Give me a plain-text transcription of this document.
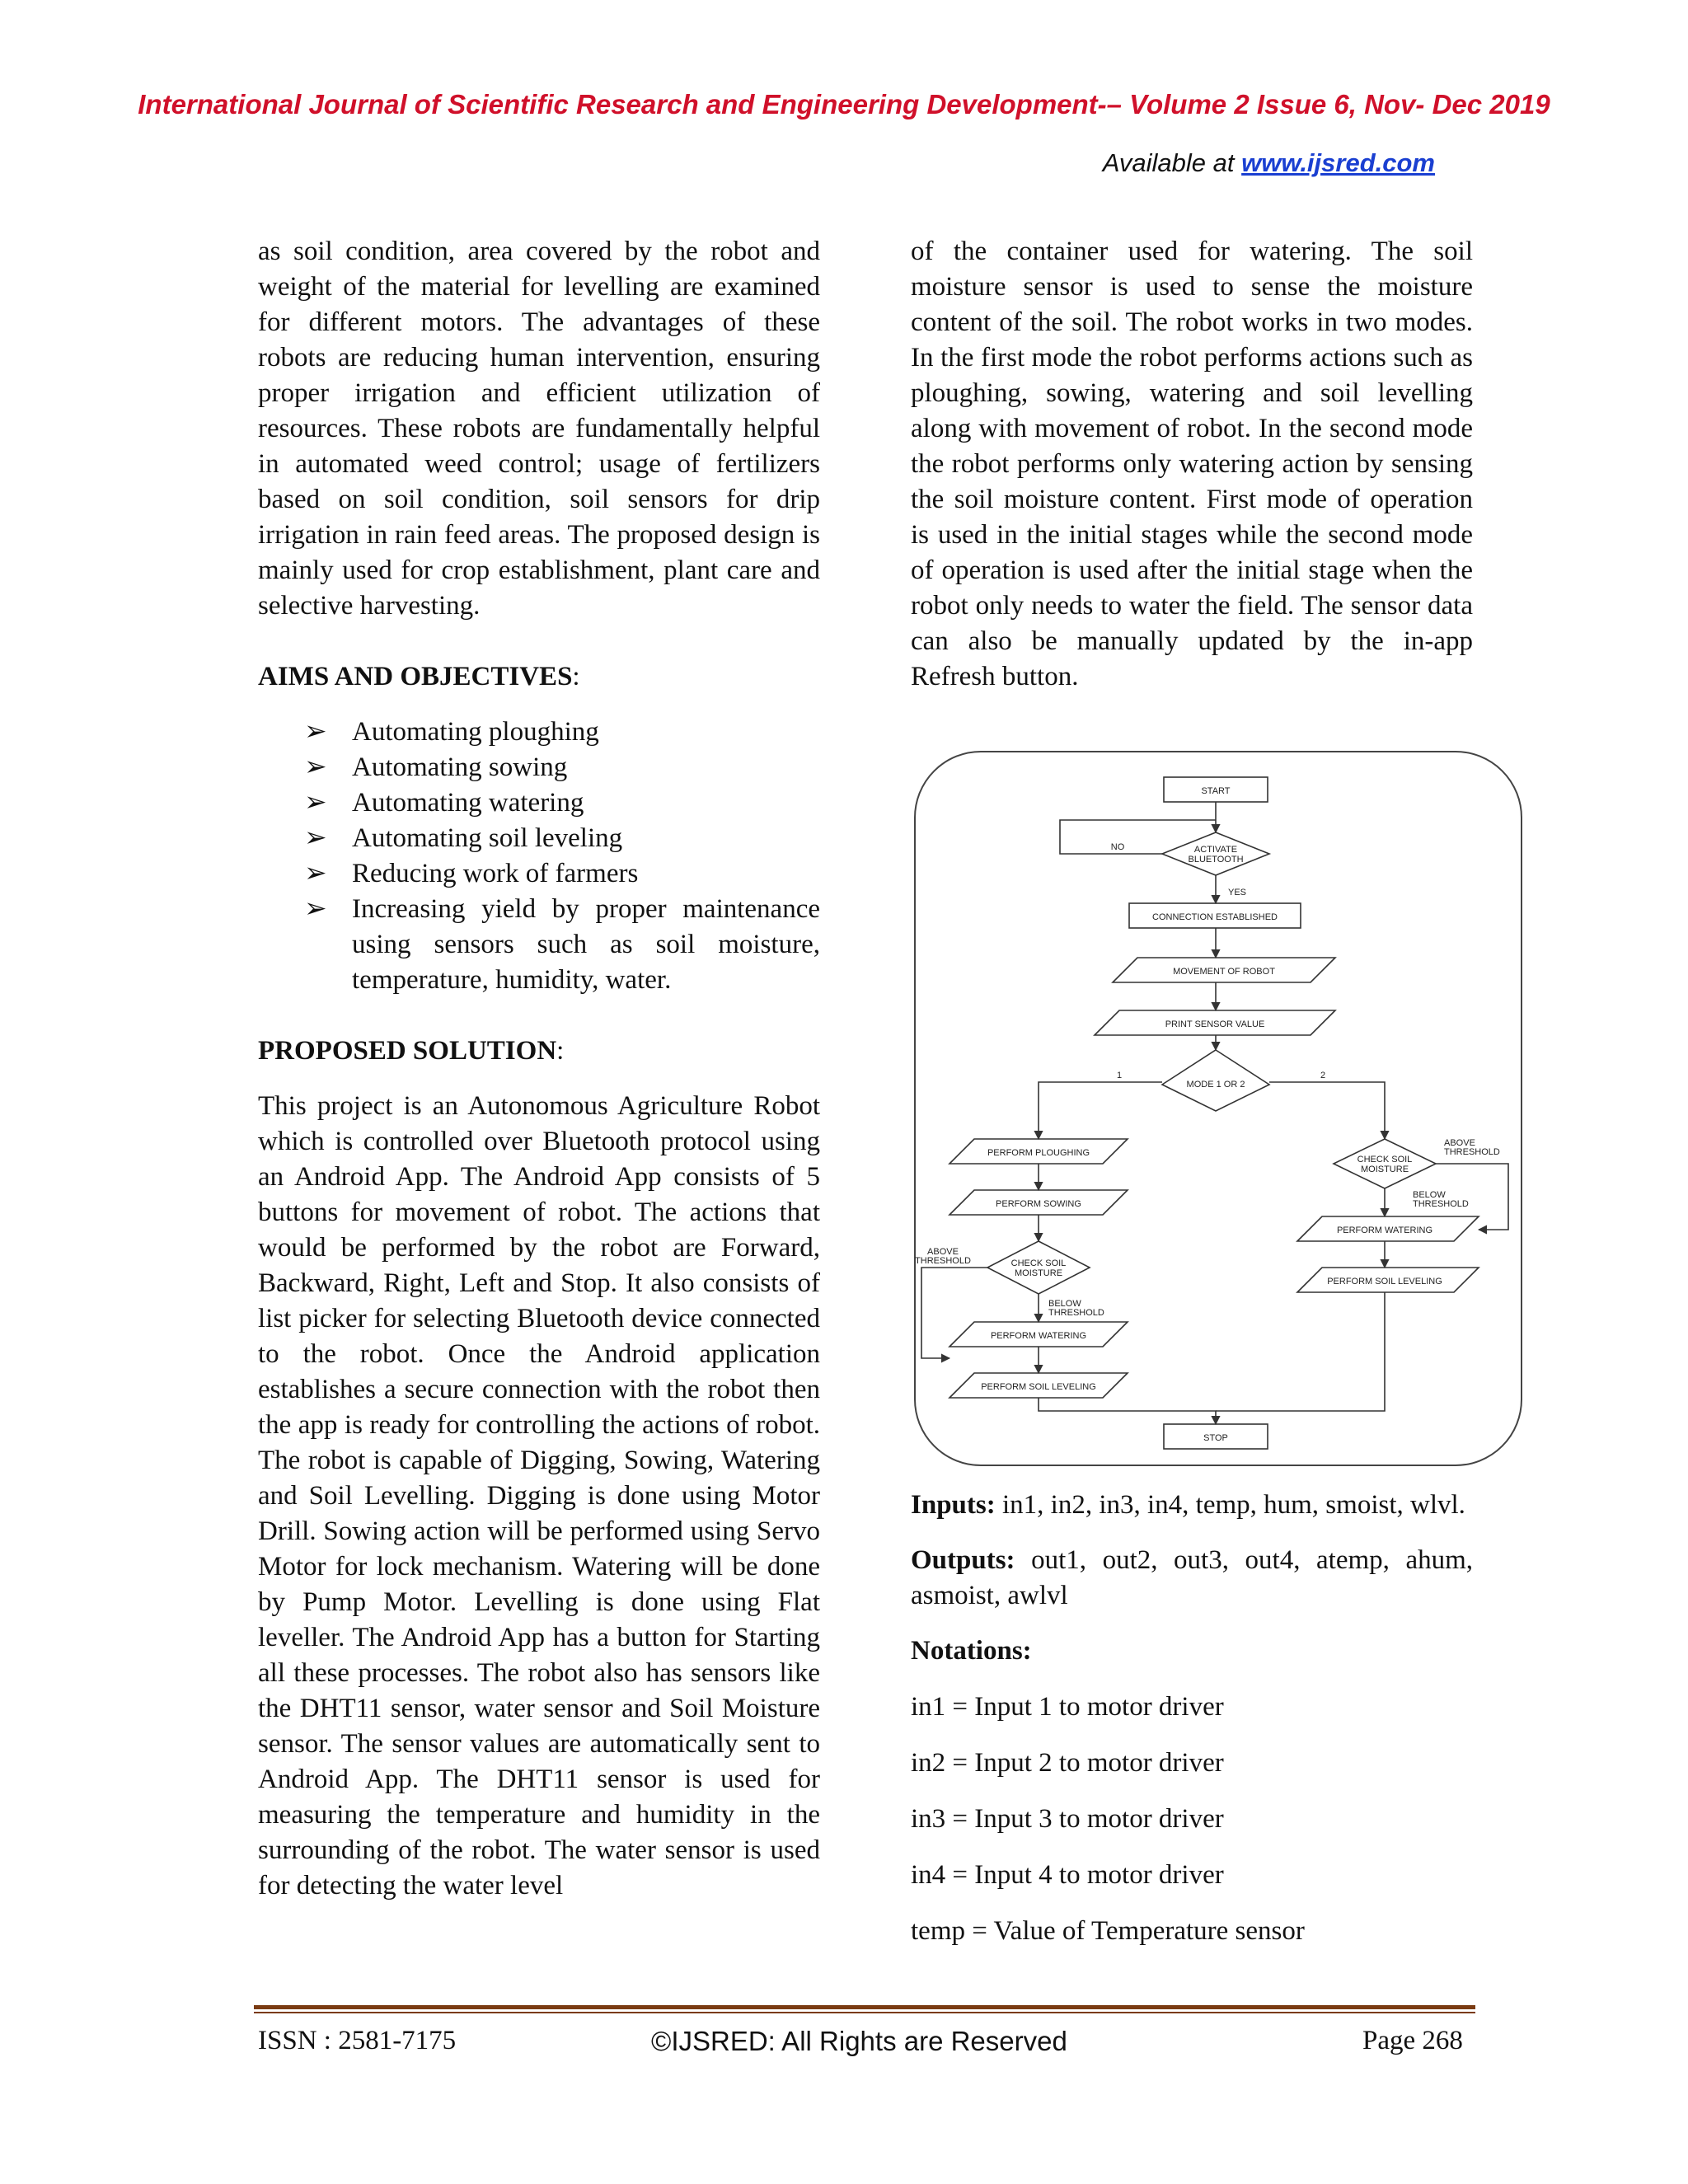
International Journal of Scientific Research and Engineering Development-– Volume 2 Issue 6, Nov- Dec 2019
Available at www.ijsred.com

as soil condition, area covered by the robot and weight of the material for levelling are examined for different motors. The advantages of these robots are reducing human intervention, ensuring proper irrigation and efficient utilization of resources. These robots are fundamentally helpful in automated weed control; usage of fertilizers based on soil condition, soil sensors for drip irrigation in rain feed areas. The proposed design is mainly used for crop establishment, plant care and selective harvesting.

AIMS AND OBJECTIVES:

➢ Automating ploughing
➢ Automating sowing
➢ Automating watering
➢ Automating soil leveling
➢ Reducing work of farmers
➢ Increasing yield by proper maintenance using sensors such as soil moisture, temperature, humidity, water.

PROPOSED SOLUTION:

This project is an Autonomous Agriculture Robot which is controlled over Bluetooth protocol using an Android App. The Android App consists of 5 buttons for movement of robot. The actions that would be performed by the robot are Forward, Backward, Right, Left and Stop. It also consists of list picker for selecting Bluetooth device connected to the robot. Once the Android application establishes a secure connection with the robot then the app is ready for controlling the actions of robot. The robot is capable of Digging, Sowing, Watering and Soil Levelling. Digging is done using Motor Drill. Sowing action will be performed using Servo Motor for lock mechanism. Watering will be done by Pump Motor. Levelling is done using Flat leveller. The Android App has a button for Starting all these processes. The robot also has sensors like the DHT11 sensor, water sensor and Soil Moisture sensor. The sensor values are automatically sent to Android App. The DHT11 sensor is used for measuring the temperature and humidity in the surrounding of the robot. The water sensor is used for detecting the water level

of the container used for watering. The soil moisture sensor is used to sense the moisture content of the soil. The robot works in two modes. In the first mode the robot performs actions such as ploughing, sowing, watering and soil levelling along with movement of robot. In the second mode the robot performs only watering action by sensing the soil moisture content. First mode of operation is used in the initial stages while the second mode of operation is used after the initial stage when the robot only needs to water the field. The sensor data can also be manually updated by the in-app Refresh button.

START
ACTIVATE
BLUETOOTH
NO
YES
CONNECTION ESTABLISHED
MOVEMENT OF ROBOT
PRINT SENSOR VALUE
MODE 1 OR 2
1	2
PERFORM PLOUGHING
PERFORM SOWING
CHECK SOIL
MOISTURE
ABOVE
THRESHOLD
BELOW
THRESHOLD
PERFORM WATERING
PERFORM SOIL LEVELING
CHECK SOIL
MOISTURE
ABOVE
THRESHOLD
BELOW
THRESHOLD
PERFORM WATERING
PERFORM SOIL LEVELING
STOP

Inputs: in1, in2, in3, in4, temp, hum, smoist, wlvl.

Outputs: out1, out2, out3, out4, atemp, ahum, asmoist, awlvl

Notations:

in1 = Input 1 to motor driver

in2 = Input 2 to motor driver

in3 = Input 3 to motor driver

in4 = Input 4 to motor driver

temp = Value of Temperature sensor

ISSN : 2581-7175	©IJSRED: All Rights are Reserved	Page 268
